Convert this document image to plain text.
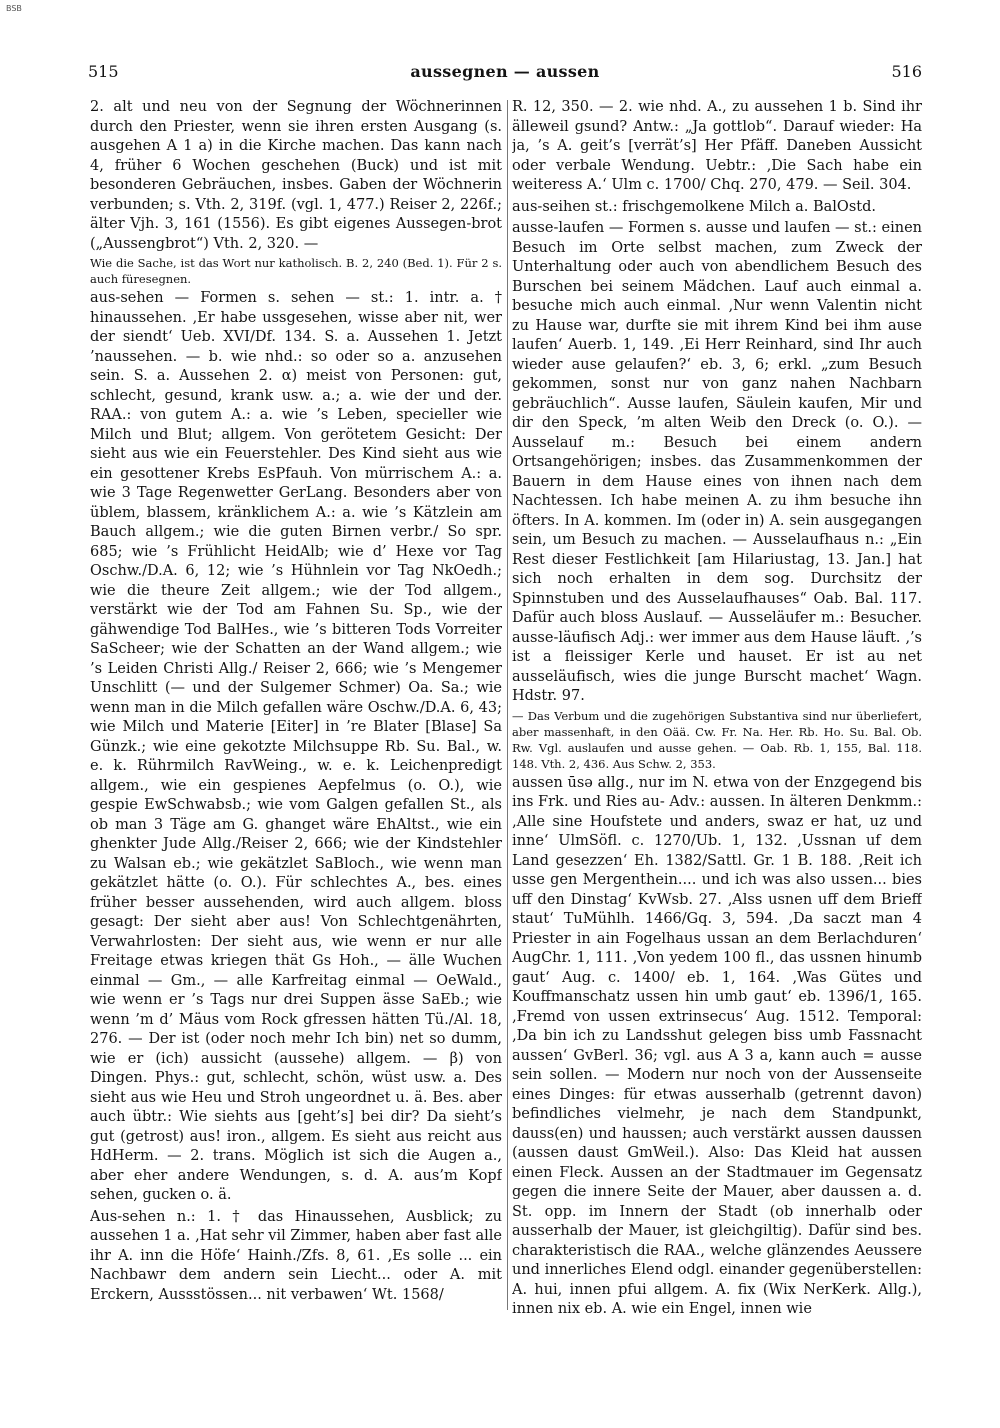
BSB
515	aussegnen — aussen	516

2. alt und neu von der Segnung der Wöchnerinnen durch den Priester, wenn sie ihren ersten Ausgang (s. ausgehen A 1 a) in die Kirche machen. Das kann nach 4, früher 6 Wochen geschehen (Buck) und ist mit besonderen Gebräuchen, insbes. Gaben der Wöchnerin verbunden; s. Vth. 2, 319f. (vgl. 1, 477.) Reiser 2, 226f.; älter Vjh. 3, 161 (1556). Es gibt eigenes Aussegen-brot („Aussengbrot“) Vth. 2, 320. —

Wie die Sache, ist das Wort nur katholisch. B. 2, 240 (Bed. 1). Für 2 s. auch füresegnen.

aus-sehen — Formen s. sehen — st.: 1. intr. a. † hinaussehen. ‚Er habe ussgesehen, wisse aber nit, wer der siendt‘ Ueb. XVI/Df. 134. S. a. Aussehen 1. Jetzt ’naussehen. — b. wie nhd.: so oder so a. anzusehen sein. S. a. Aussehen 2. α) meist von Personen: gut, schlecht, gesund, krank usw. a.; a. wie der und der. RAA.: von gutem A.: a. wie ’s Leben, specieller wie Milch und Blut; allgem. Von gerötetem Gesicht: Der sieht aus wie ein Feuerstehler. Des Kind sieht aus wie ein gesottener Krebs EsPfauh. Von mürrischem A.: a. wie 3 Tage Regenwetter GerLang. Besonders aber von üblem, blassem, kränklichem A.: a. wie ’s Kätzlein am Bauch allgem.; wie die guten Birnen verbr./ So spr. 685; wie ’s Frühlicht HeidAlb; wie d’ Hexe vor Tag Oschw./D.A. 6, 12; wie ’s Hühnlein vor Tag NkOedh.; wie die theure Zeit allgem.; wie der Tod allgem., verstärkt wie der Tod am Fahnen Su. Sp., wie der gähwendige Tod BalHes., wie ’s bitteren Tods Vorreiter SaScheer; wie der Schatten an der Wand allgem.; wie ’s Leiden Christi Allg./ Reiser 2, 666; wie ’s Mengemer Unschlitt (— und der Sulgemer Schmer) Oa. Sa.; wie wenn man in die Milch gefallen wäre Oschw./D.A. 6, 43; wie Milch und Materie [Eiter] in ’re Blater [Blase] Sa Günzk.; wie eine gekotzte Milchsuppe Rb. Su. Bal., w. e. k. Rührmilch RavWeing., w. e. k. Leichenpredigt allgem., wie ein gespienes Aepfelmus (o. O.), wie gespie EwSchwabsb.; wie vom Galgen gefallen St., als ob man 3 Täge am G. ghanget wäre EhAltst., wie ein ghenkter Jude Allg./Reiser 2, 666; wie der Kindstehler zu Walsan eb.; wie gekätzlet SaBloch., wie wenn man gekätzlet hätte (o. O.). Für schlechtes A., bes. eines früher besser aussehenden, wird auch allgem. bloss gesagt: Der sieht aber aus! Von Schlechtgenährten, Verwahrlosten: Der sieht aus, wie wenn er nur alle Freitage etwas kriegen thät Gs Hoh., — älle Wuchen einmal — Gm., — alle Karfreitag einmal — OeWald., wie wenn er ’s Tags nur drei Suppen ässe SaEb.; wie wenn ’m d’ Mäus vom Rock gfressen hätten Tü./Al. 18, 276. — Der ist (oder noch mehr Ich bin) net so dumm, wie er (ich) aussicht (aussehe) allgem. — β) von Dingen. Phys.: gut, schlecht, schön, wüst usw. a. Des sieht aus wie Heu und Stroh ungeordnet u. ä. Bes. aber auch übtr.: Wie siehts aus [geht’s] bei dir? Da sieht’s gut (getrost) aus! iron., allgem. Es sieht aus reicht aus HdHerm. — 2. trans. Möglich ist sich die Augen a., aber eher andere Wendungen, s. d. A. aus’m Kopf sehen, gucken o. ä.

Aus-sehen n.: 1. † das Hinaussehen, Ausblick; zu aussehen 1 a. ‚Hat sehr vil Zimmer, haben aber fast alle ihr A. inn die Höfe‘ Hainh./Zfs. 8, 61. ‚Es solle ... ein Nachbawr dem andern sein Liecht... oder A. mit Erckern, Aussstössen... nit verbawen‘ Wt. 1568/

R. 12, 350. — 2. wie nhd. A., zu aussehen 1 b. Sind ihr älleweil gsund? Antw.: „Ja gottlob“. Darauf wieder: Ha ja, ’s A. geit’s [verrät’s] Her Pfäff. Daneben Aussicht oder verbale Wendung. Uebtr.: ‚Die Sach habe ein weiteress A.‘ Ulm c. 1700/ Chq. 270, 479. — Seil. 304.

aus-seihen st.: frischgemolkene Milch a. BalOstd.

ausse-laufen — Formen s. ausse und laufen — st.: einen Besuch im Orte selbst machen, zum Zweck der Unterhaltung oder auch von abendlichem Besuch des Burschen bei seinem Mädchen. Lauf auch einmal a. besuche mich auch einmal. ‚Nur wenn Valentin nicht zu Hause war, durfte sie mit ihrem Kind bei ihm ause laufen‘ Auerb. 1, 149. ‚Ei Herr Reinhard, sind Ihr auch wieder ause gelaufen?‘ eb. 3, 6; erkl. „zum Besuch gekommen, sonst nur von ganz nahen Nachbarn gebräuchlich“. Ausse laufen, Säulein kaufen, Mir und dir den Speck, ’m alten Weib den Dreck (o. O.). — Ausselauf m.: Besuch bei einem andern Ortsangehörigen; insbes. das Zusammenkommen der Bauern in dem Hause eines von ihnen nach dem Nachtessen. Ich habe meinen A. zu ihm besuche ihn öfters. In A. kommen. Im (oder in) A. sein ausgegangen sein, um Besuch zu machen. — Ausselaufhaus n.: „Ein Rest dieser Festlichkeit [am Hilariustag, 13. Jan.] hat sich noch erhalten in dem sog. Durchsitz der Spinnstuben und des Ausselaufhauses“ Oab. Bal. 117. Dafür auch bloss Auslauf. — Ausseläufer m.: Besucher. ausse-läufisch Adj.: wer immer aus dem Hause läuft. ‚’s ist a fleissiger Kerle und hauset. Er ist au net ausseläufisch, wies die junge Burscht machet‘ Wagn. Hdstr. 97.

— Das Verbum und die zugehörigen Substantiva sind nur überliefert, aber massenhaft, in den Oää. Cw. Fr. Na. Her. Rb. Ho. Su. Bal. Ob. Rw. Vgl. auslaufen und ausse gehen. — Oab. Rb. 1, 155, Bal. 118. 148. Vth. 2, 436. Aus Schw. 2, 353.

aussen ūsə allg., nur im N. etwa von der Enzgegend bis ins Frk. und Ries au- Adv.: aussen. In älteren Denkmm.: ‚Alle sine Houfstete und anders, swaz er hat, uz und inne‘ UlmSöfl. c. 1270/Ub. 1, 132. ‚Ussnan uf dem Land gesezzen‘ Eh. 1382/Sattl. Gr. 1 B. 188. ‚Reit ich usse gen Mergenthein.... und ich was also ussen... bies uff den Dinstag‘ KvWsb. 27. ‚Alss usnen uff dem Brieff staut‘ TuMühlh. 1466/Gq. 3, 594. ‚Da saczt man 4 Priester in ain Fogelhaus ussan an dem Berlachduren‘ AugChr. 1, 111. ‚Von yedem 100 fl., das ussnen hinumb gaut‘ Aug. c. 1400/ eb. 1, 164. ‚Was Gütes und Kouffmanschatz ussen hin umb gaut‘ eb. 1396/1, 165. ‚Fremd von ussen extrinsecus‘ Aug. 1512. Temporal: ‚Da bin ich zu Landsshut gelegen biss umb Fassnacht aussen‘ GvBerl. 36; vgl. aus A 3 a, kann auch = ausse sein sollen. — Modern nur noch von der Aussenseite eines Dinges: für etwas ausserhalb (getrennt davon) befindliches vielmehr, je nach dem Standpunkt, dauss(en) und haussen; auch verstärkt aussen daussen (aussen daust GmWeil.). Also: Das Kleid hat aussen einen Fleck. Aussen an der Stadtmauer im Gegensatz gegen die innere Seite der Mauer, aber daussen a. d. St. opp. im Innern der Stadt (ob innerhalb oder ausserhalb der Mauer, ist gleichgiltig). Dafür sind bes. charakteristisch die RAA., welche glänzendes Aeussere und innerliches Elend odgl. einander gegenüberstellen: A. hui, innen pfui allgem. A. fix (Wix NerKerk. Allg.), innen nix eb. A. wie ein Engel, innen wie
